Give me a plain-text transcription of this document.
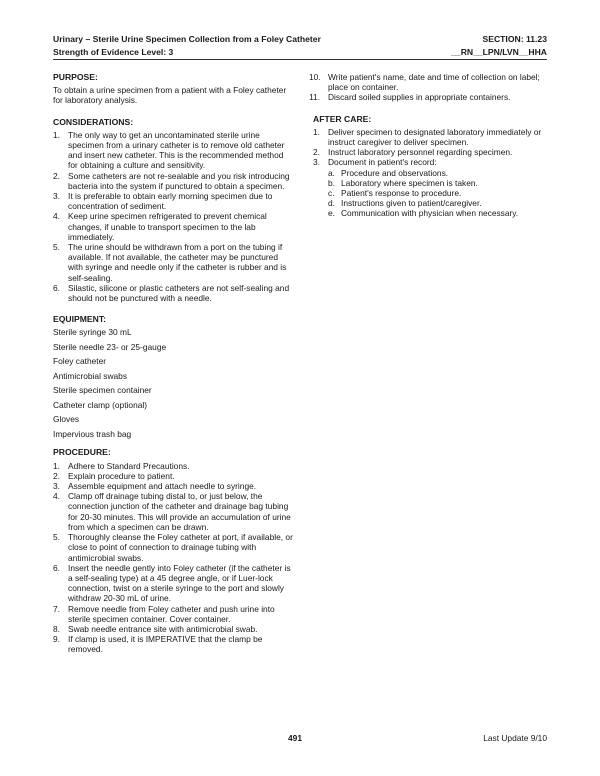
Urinary – Sterile Urine Specimen Collection from a Foley Catheter	SECTION: 11.23
Strength of Evidence Level: 3	__RN__LPN/LVN__HHA
PURPOSE:

To obtain a urine specimen from a patient with a Foley catheter for laboratory analysis.

CONSIDERATIONS:
1. The only way to get an uncontaminated sterile urine specimen from a urinary catheter is to remove old catheter and insert new catheter. This is the recommended method for obtaining a culture and sensitivity.
2. Some catheters are not re-sealable and you risk introducing bacteria into the system if punctured to obtain a specimen.
3. It is preferable to obtain early morning specimen due to concentration of sediment.
4. Keep urine specimen refrigerated to prevent chemical changes, if unable to transport specimen to the lab immediately.
5. The urine should be withdrawn from a port on the tubing if available. If not available, the catheter may be punctured with syringe and needle only if the catheter is rubber and is self-sealing.
6. Silastic, silicone or plastic catheters are not self-sealing and should not be punctured with a needle.
EQUIPMENT:

Sterile syringe 30 mL

Sterile needle 23- or 25-gauge

Foley catheter

Antimicrobial swabs

Sterile specimen container

Catheter clamp (optional)

Gloves

Impervious trash bag

PROCEDURE:
1. Adhere to Standard Precautions.
2. Explain procedure to patient.
3. Assemble equipment and attach needle to syringe.
4. Clamp off drainage tubing distal to, or just below, the connection junction of the catheter and drainage bag tubing for 20-30 minutes. This will provide an accumulation of urine from which a specimen can be drawn.
5. Thoroughly cleanse the Foley catheter at port, if available, or close to point of connection to drainage tubing with antimicrobial swabs.
6. Insert the needle gently into Foley catheter (if the catheter is a self-sealing type) at a 45 degree angle, or if Luer-lock connection, twist on a sterile syringe to the port and slowly withdraw 20-30 mL of urine.
7. Remove needle from Foley catheter and push urine into sterile specimen container. Cover container.
8. Swab needle entrance site with antimicrobial swab.
9. If clamp is used, it is IMPERATIVE that the clamp be removed.
10. Write patient's name, date and time of collection on label; place on container.
11. Discard soiled supplies in appropriate containers.
AFTER CARE:
1. Deliver specimen to designated laboratory immediately or instruct caregiver to deliver specimen.
2. Instruct laboratory personnel regarding specimen.
3. Document in patient's record:
a. Procedure and observations.
b. Laboratory where specimen is taken.
c. Patient's response to procedure.
d. Instructions given to patient/caregiver.
e. Communication with physician when necessary.
491	Last Update 9/10
